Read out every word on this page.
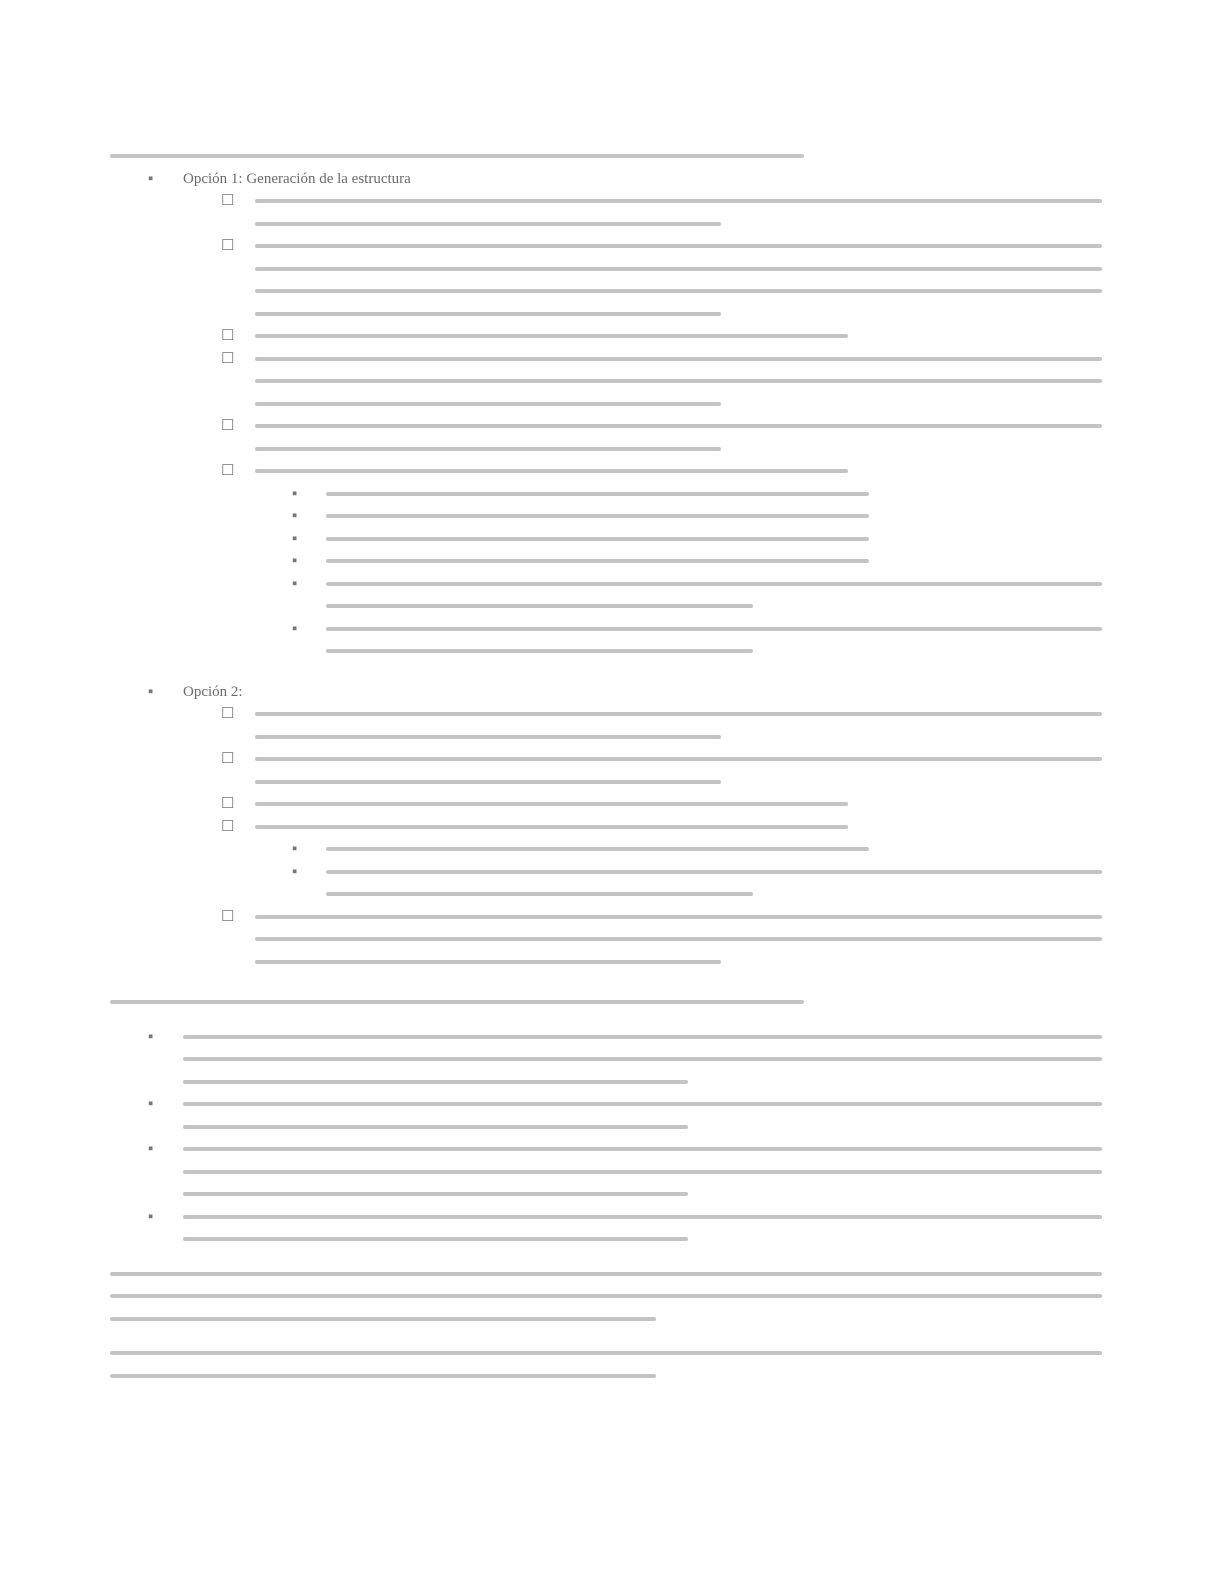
▪ Opción 1: Generación de la estructura
☐
☐
☐
☐
☐
☐
▪
▪
▪
▪
▪
▪
▪ Opción 2:
☐
☐
☐
☐
▪
▪
☐
▪
▪
▪
▪
